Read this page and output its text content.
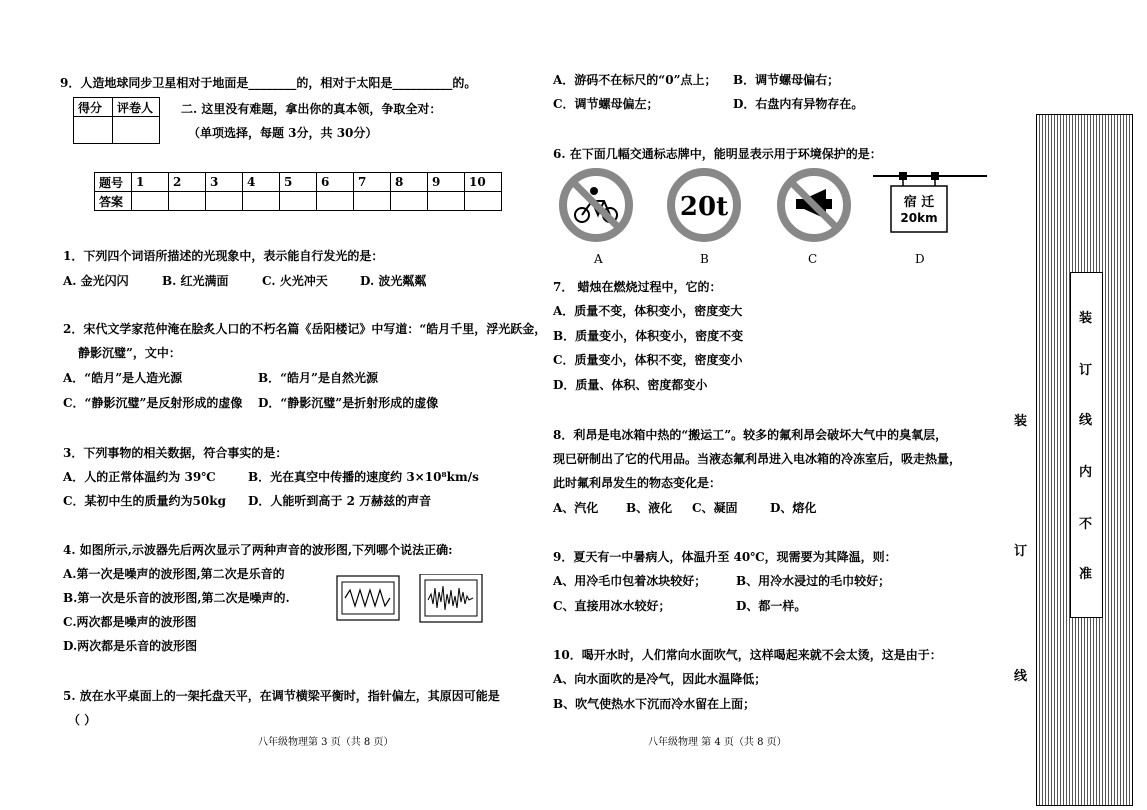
9．人造地球同步卫星相对于地面是________的，相对于太阳是__________的。
得分	评卷人
	二. 这里没有难题，拿出你的真本领，争取全对：
（单项选择，每题 3分，共 30分）
题号	1	2	3	4	5	6	7	8	9	10
答案										
1．下列四个词语所描述的光现象中，表示能自行发光的是：
A. 金光闪闪	B. 红光满面	C. 火光冲天	D. 波光粼粼
2．宋代文学家范仲淹在脍炙人口的不朽名篇《岳阳楼记》中写道：“皓月千里，浮光跃金，
静影沉璧”，文中：
A．“皓月”是人造光源	B．“皓月”是自然光源
C．“静影沉璧”是反射形成的虚像 D．“静影沉璧”是折射形成的虚像
3．下列事物的相关数据，符合事实的是：
A．人的正常体温约为 39℃	B．光在真空中传播的速度约 3×10⁸km/s
C．某初中生的质量约为50kg D．人能听到高于 2 万赫兹的声音
4. 如图所示,示波器先后两次显示了两种声音的波形图,下列哪个说法正确:
A.第一次是噪声的波形图,第二次是乐音的
B.第一次是乐音的波形图,第二次是噪声的.
C.两次都是噪声的波形图
D.两次都是乐音的波形图
5. 放在水平桌面上的一架托盘天平，在调节横梁平衡时，指针偏左，其原因可能是
（ ）
八年级物理第 3 页（共 8 页）
A．游码不在标尺的“0”点上； B．调节螺母偏右；
C．调节螺母偏左；	D．右盘内有异物存在。
6. 在下面几幅交通标志牌中，能明显表示用于环境保护的是：
20t	宿 迁
20km
A	B	C	D
7． 蜡烛在燃烧过程中，它的：
A．质量不变，体积变小，密度变大
B．质量变小，体积变小，密度不变
C．质量变小，体积不变，密度变小
D．质量、体积、密度都变小
8．利昂是电冰箱中热的“搬运工”。较多的氟利昂会破坏大气中的臭氧层，
现已研制出了它的代用品。当液态氟利昂进入电冰箱的冷冻室后，吸走热量，
此时氟利昂发生的物态变化是：
A、汽化 B、液化 C、凝固	D、熔化
9．夏天有一中暑病人，体温升至 40℃，现需要为其降温，则：
A、用冷毛巾包着冰块较好； B、用冷水浸过的毛巾较好；
C、直接用冰水较好；	D、都一样。
10．喝开水时，人们常向水面吹气，这样喝起来就不会太烫，这是由于：
A、向水面吹的是冷气，因此水温降低；
B、吹气使热水下沉而冷水留在上面；
八年级物理 第 4 页（共 8 页）
装
订
线
装
订
线
内
不
准
